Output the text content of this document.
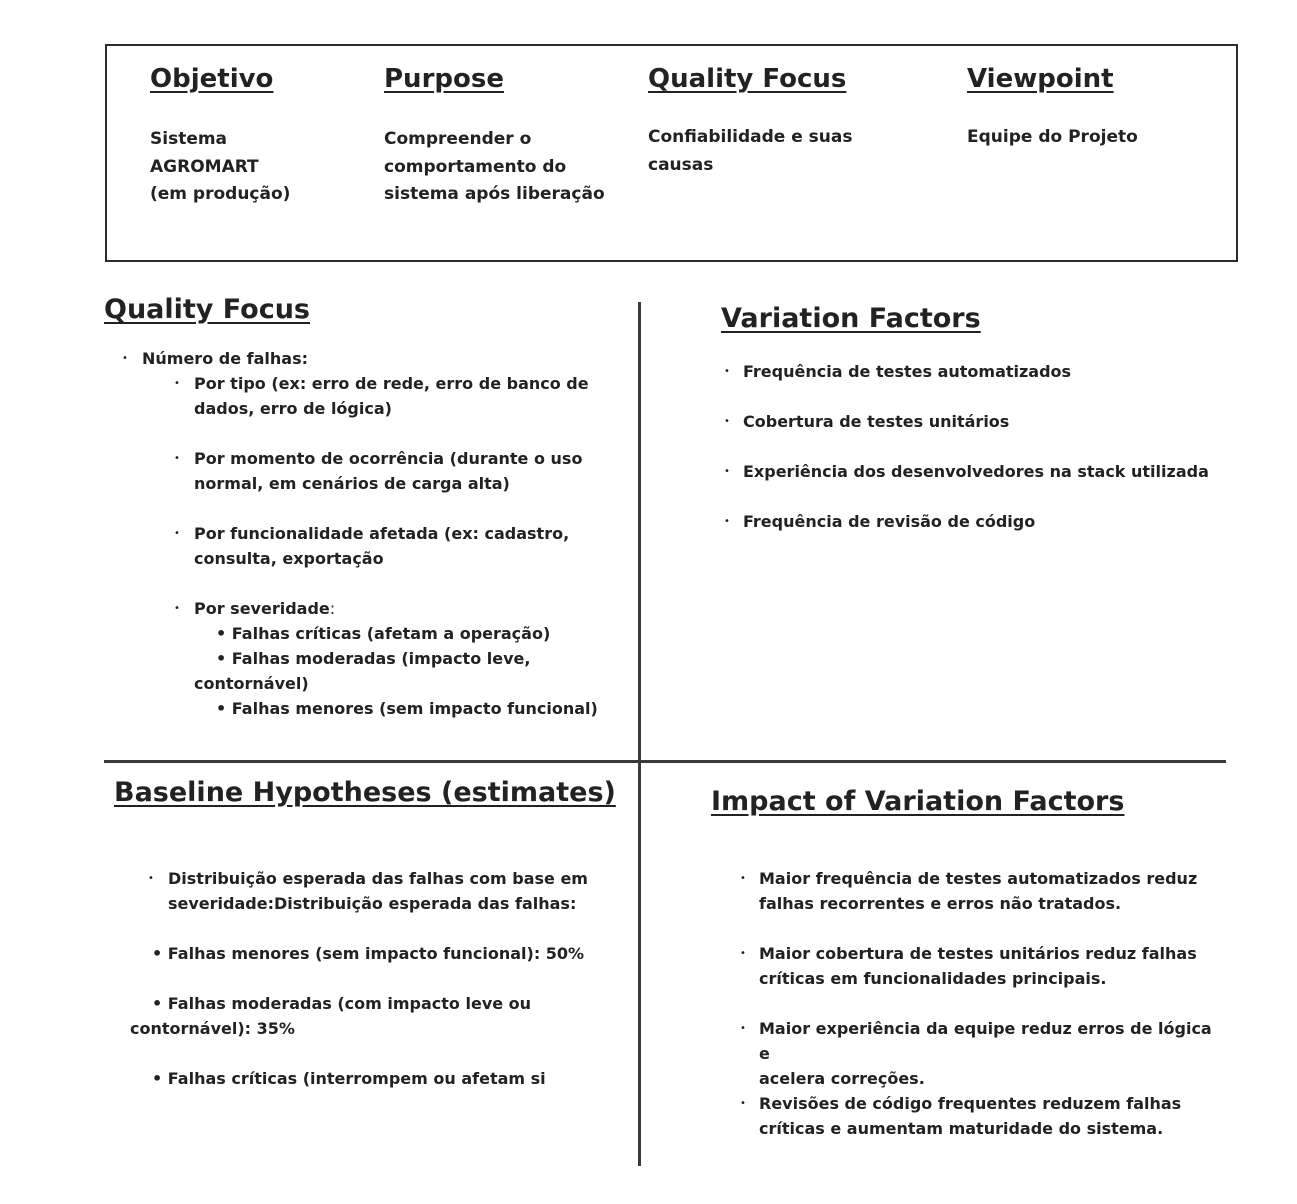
Objetivo
Sistema
AGROMART
(em produção)
Purpose
Compreender o
comportamento do
sistema após liberação
Quality Focus
Confiabilidade e suas
causas
Viewpoint
Equipe do Projeto
Quality Focus
• Número de falhas:
• Por tipo (ex: erro de rede, erro de banco de
dados, erro de lógica)
• Por momento de ocorrência (durante o uso
normal, em cenários de carga alta)
• Por funcionalidade afetada (ex: cadastro,
consulta, exportação
• Por severidade:
• Falhas críticas (afetam a operação)
• Falhas moderadas (impacto leve,
contornável)
• Falhas menores (sem impacto funcional)
Variation Factors
• Frequência de testes automatizados
• Cobertura de testes unitários
• Experiência dos desenvolvedores na stack utilizada
• Frequência de revisão de código
Baseline Hypotheses (estimates)
• Distribuição esperada das falhas com base em
severidade:Distribuição esperada das falhas:
• Falhas menores (sem impacto funcional): 50%
• Falhas moderadas (com impacto leve ou
contornável): 35%
• Falhas críticas (interrompem ou afetam si
Impact of Variation Factors
• Maior frequência de testes automatizados reduz
falhas recorrentes e erros não tratados.
• Maior cobertura de testes unitários reduz falhas
críticas em funcionalidades principais.
• Maior experiência da equipe reduz erros de lógica e
acelera correções.
• Revisões de código frequentes reduzem falhas
críticas e aumentam maturidade do sistema.
